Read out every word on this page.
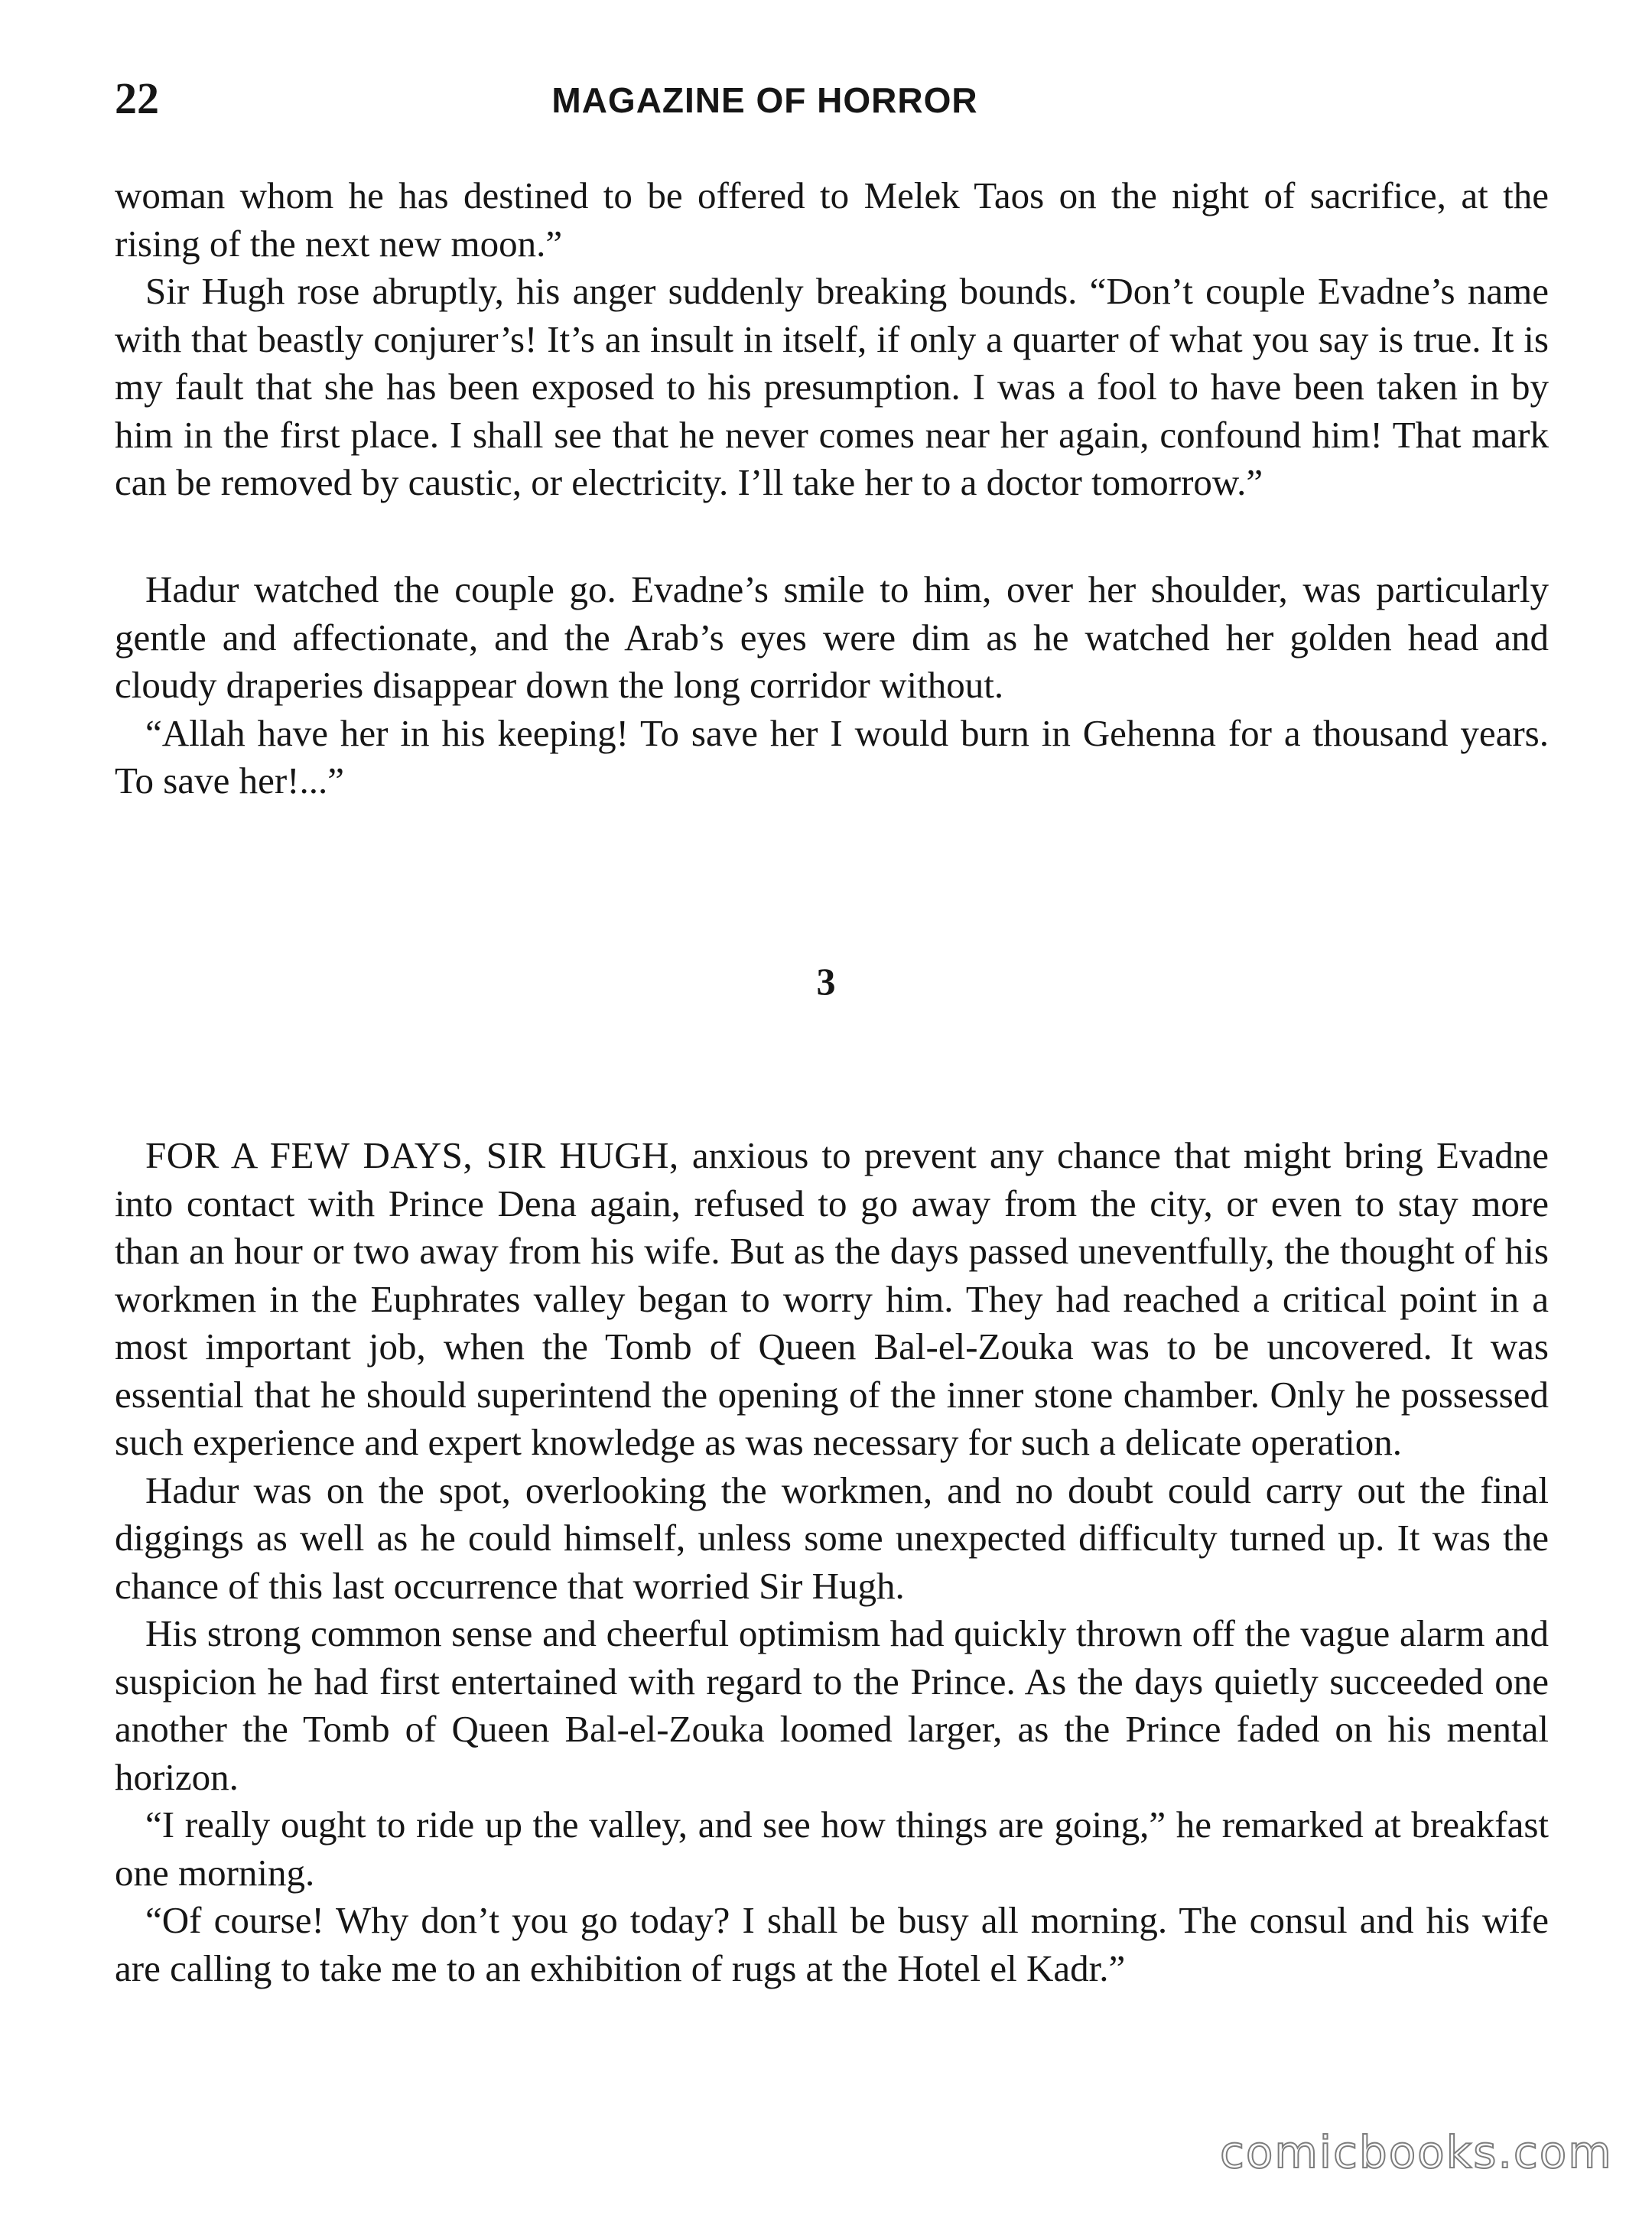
22	MAGAZINE OF HORROR

woman whom he has destined to be offered to Melek Taos on the night of sacrifice, at the rising of the next new moon.”

Sir Hugh rose abruptly, his anger suddenly breaking bounds. “Don’t couple Evadne’s name with that beastly conjurer’s! It’s an insult in itself, if only a quarter of what you say is true. It is my fault that she has been exposed to his presumption. I was a fool to have been taken in by him in the first place. I shall see that he never comes near her again, confound him! That mark can be removed by caustic, or electricity. I’ll take her to a doctor tomorrow.”

Hadur watched the couple go. Evadne’s smile to him, over her shoulder, was particularly gentle and affectionate, and the Arab’s eyes were dim as he watched her golden head and cloudy draperies disappear down the long corridor without.

“Allah have her in his keeping! To save her I would burn in Gehenna for a thousand years. To save her!...”

3

FOR A FEW DAYS, SIR HUGH, anxious to prevent any chance that might bring Evadne into contact with Prince Dena again, refused to go away from the city, or even to stay more than an hour or two away from his wife. But as the days passed uneventfully, the thought of his workmen in the Euphrates valley began to worry him. They had reached a critical point in a most important job, when the Tomb of Queen Bal-el-Zouka was to be uncovered. It was essential that he should superintend the opening of the inner stone chamber. Only he possessed such experience and expert knowledge as was necessary for such a delicate operation.

Hadur was on the spot, overlooking the workmen, and no doubt could carry out the final diggings as well as he could himself, unless some unexpected difficulty turned up. It was the chance of this last occurrence that worried Sir Hugh.

His strong common sense and cheerful optimism had quickly thrown off the vague alarm and suspicion he had first entertained with regard to the Prince. As the days quietly succeeded one another the Tomb of Queen Bal-el-Zouka loomed larger, as the Prince faded on his mental horizon.

“I really ought to ride up the valley, and see how things are going,” he remarked at breakfast one morning.

“Of course! Why don’t you go today? I shall be busy all morning. The consul and his wife are calling to take me to an exhibition of rugs at the Hotel el Kadr.”

comicbooks.com
